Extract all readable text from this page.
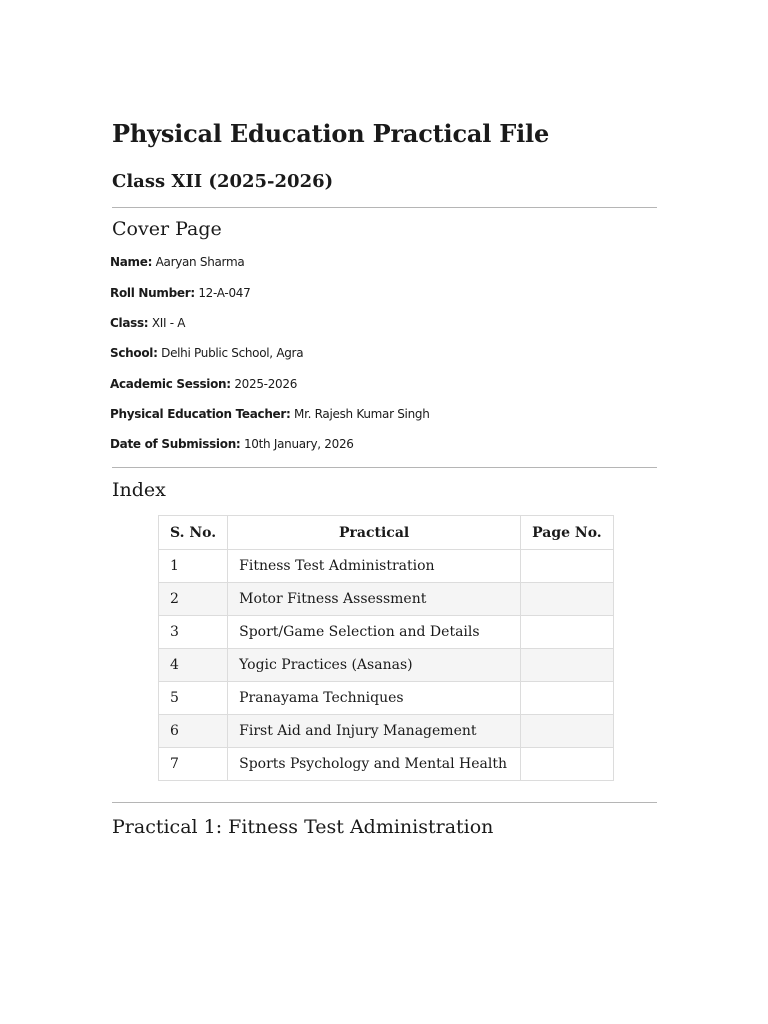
Physical Education Practical File
Class XII (2025-2026)
Cover Page

Name: Aaryan Sharma

Roll Number: 12-A-047

Class: XII - A

School: Delhi Public School, Agra

Academic Session: 2025-2026

Physical Education Teacher: Mr. Rajesh Kumar Singh

Date of Submission: 10th January, 2026

Index
S. No.	Practical	Page No.
1	Fitness Test Administration	
2	Motor Fitness Assessment	
3	Sport/Game Selection and Details	
4	Yogic Practices (Asanas)	
5	Pranayama Techniques	
6	First Aid and Injury Management	
7	Sports Psychology and Mental Health	
Practical 1: Fitness Test Administration
